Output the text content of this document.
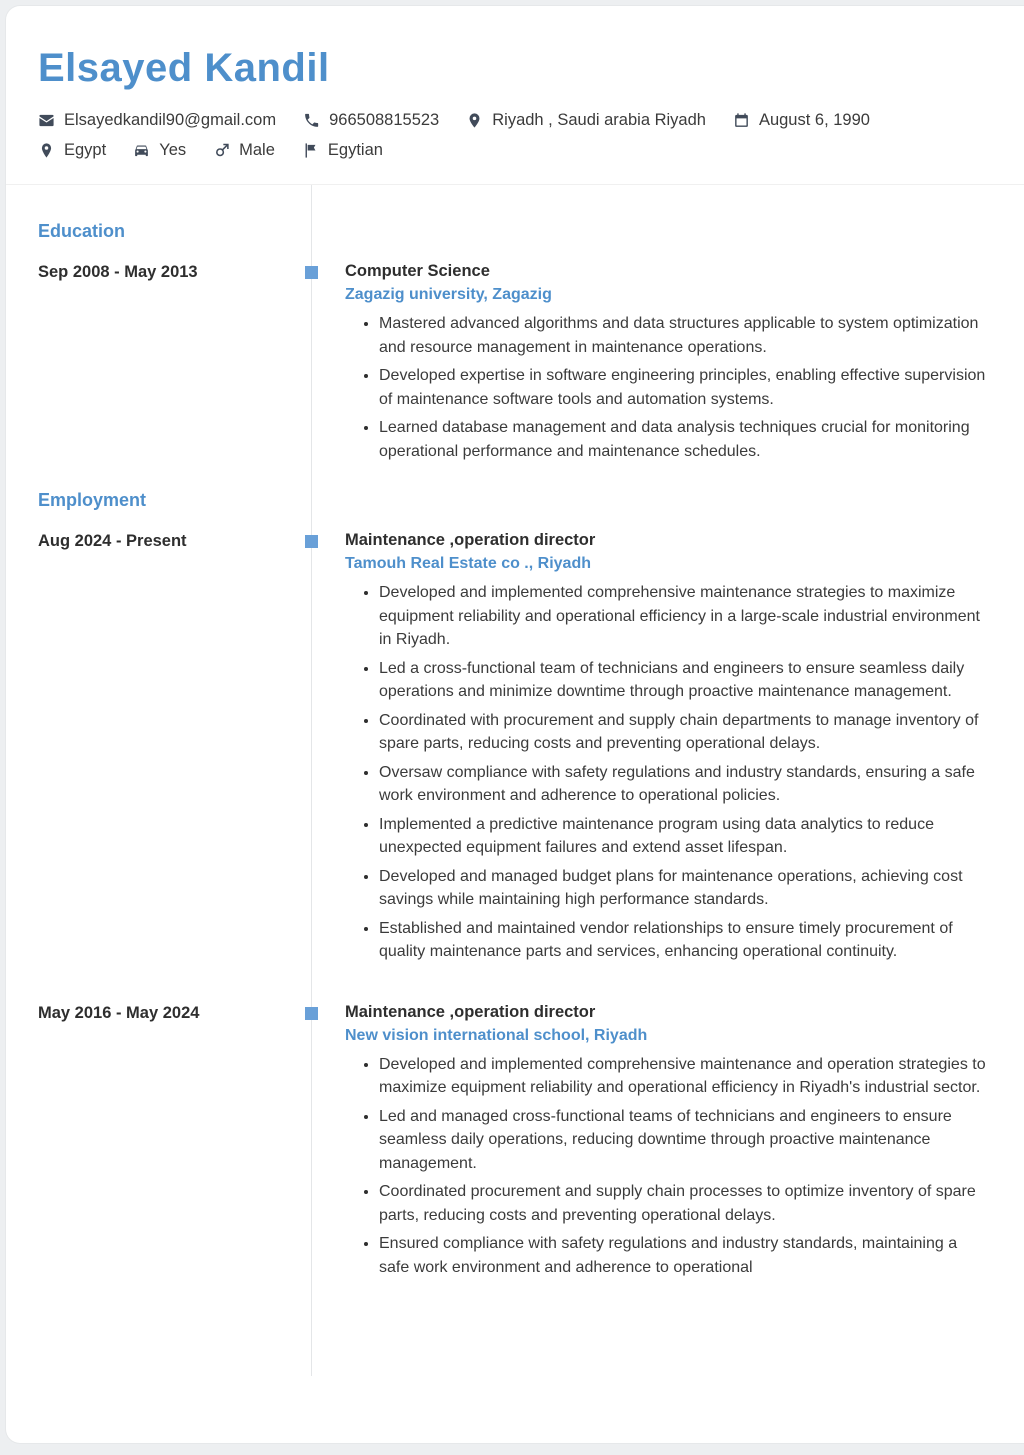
Elsayed Kandil
Elsayedkandil90@gmail.com	966508815523	Riyadh , Saudi arabia Riyadh	August 6, 1990
Egypt	Yes	Male	Egytian
Education
Sep 2008 - May 2013	Computer Science
Zagazig university, Zagazig
• Mastered advanced algorithms and data structures applicable to system optimization and resource management in maintenance operations.
• Developed expertise in software engineering principles, enabling effective supervision of maintenance software tools and automation systems.
• Learned database management and data analysis techniques crucial for monitoring operational performance and maintenance schedules.
Employment
Aug 2024 - Present	Maintenance ,operation director
Tamouh Real Estate co ., Riyadh
• Developed and implemented comprehensive maintenance strategies to maximize equipment reliability and operational efficiency in a large-scale industrial environment in Riyadh.
• Led a cross-functional team of technicians and engineers to ensure seamless daily operations and minimize downtime through proactive maintenance management.
• Coordinated with procurement and supply chain departments to manage inventory of spare parts, reducing costs and preventing operational delays.
• Oversaw compliance with safety regulations and industry standards, ensuring a safe work environment and adherence to operational policies.
• Implemented a predictive maintenance program using data analytics to reduce unexpected equipment failures and extend asset lifespan.
• Developed and managed budget plans for maintenance operations, achieving cost savings while maintaining high performance standards.
• Established and maintained vendor relationships to ensure timely procurement of quality maintenance parts and services, enhancing operational continuity.
May 2016 - May 2024	Maintenance ,operation director
New vision international school, Riyadh
• Developed and implemented comprehensive maintenance and operation strategies to maximize equipment reliability and operational efficiency in Riyadh's industrial sector.
• Led and managed cross-functional teams of technicians and engineers to ensure seamless daily operations, reducing downtime through proactive maintenance management.
• Coordinated procurement and supply chain processes to optimize inventory of spare parts, reducing costs and preventing operational delays.
• Ensured compliance with safety regulations and industry standards, maintaining a safe work environment and adherence to operational
